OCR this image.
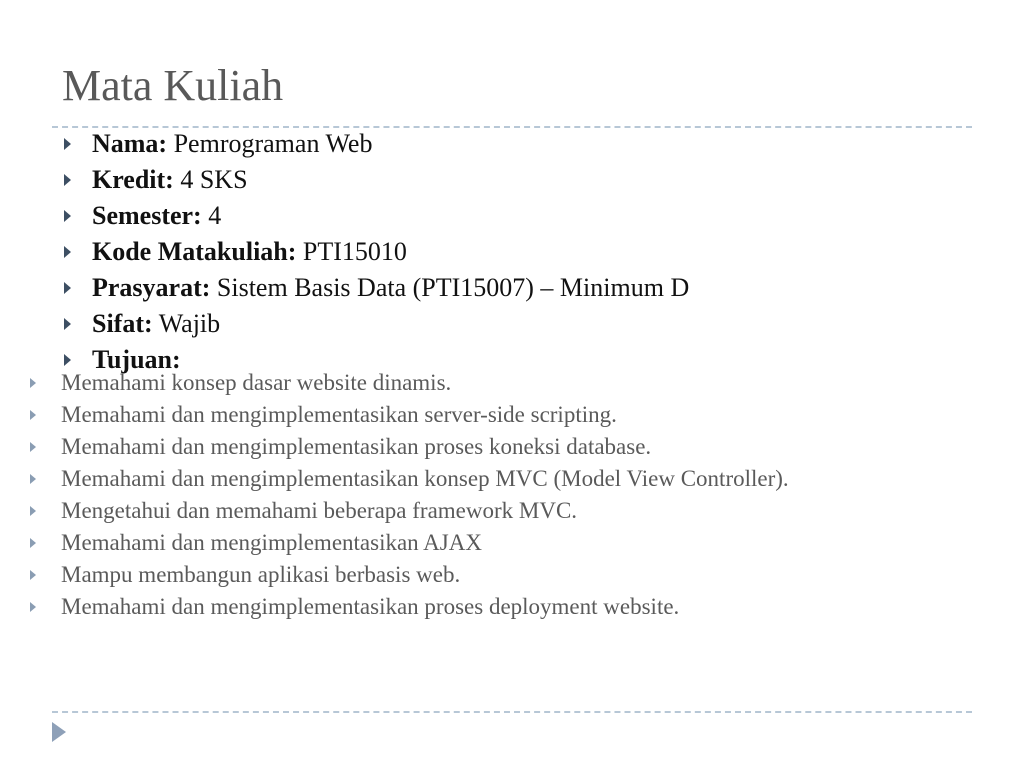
Mata Kuliah
Nama: Pemrograman Web
Kredit: 4 SKS
Semester: 4
Kode Matakuliah: PTI15010
Prasyarat: Sistem Basis Data (PTI15007) – Minimum D
Sifat: Wajib
Tujuan:
Memahami konsep dasar website dinamis.
Memahami dan mengimplementasikan server-side scripting.
Memahami dan mengimplementasikan proses koneksi database.
Memahami dan mengimplementasikan konsep MVC (Model View Controller).
Mengetahui dan memahami beberapa framework MVC.
Memahami dan mengimplementasikan AJAX
Mampu membangun aplikasi berbasis web.
Memahami dan mengimplementasikan proses deployment website.
